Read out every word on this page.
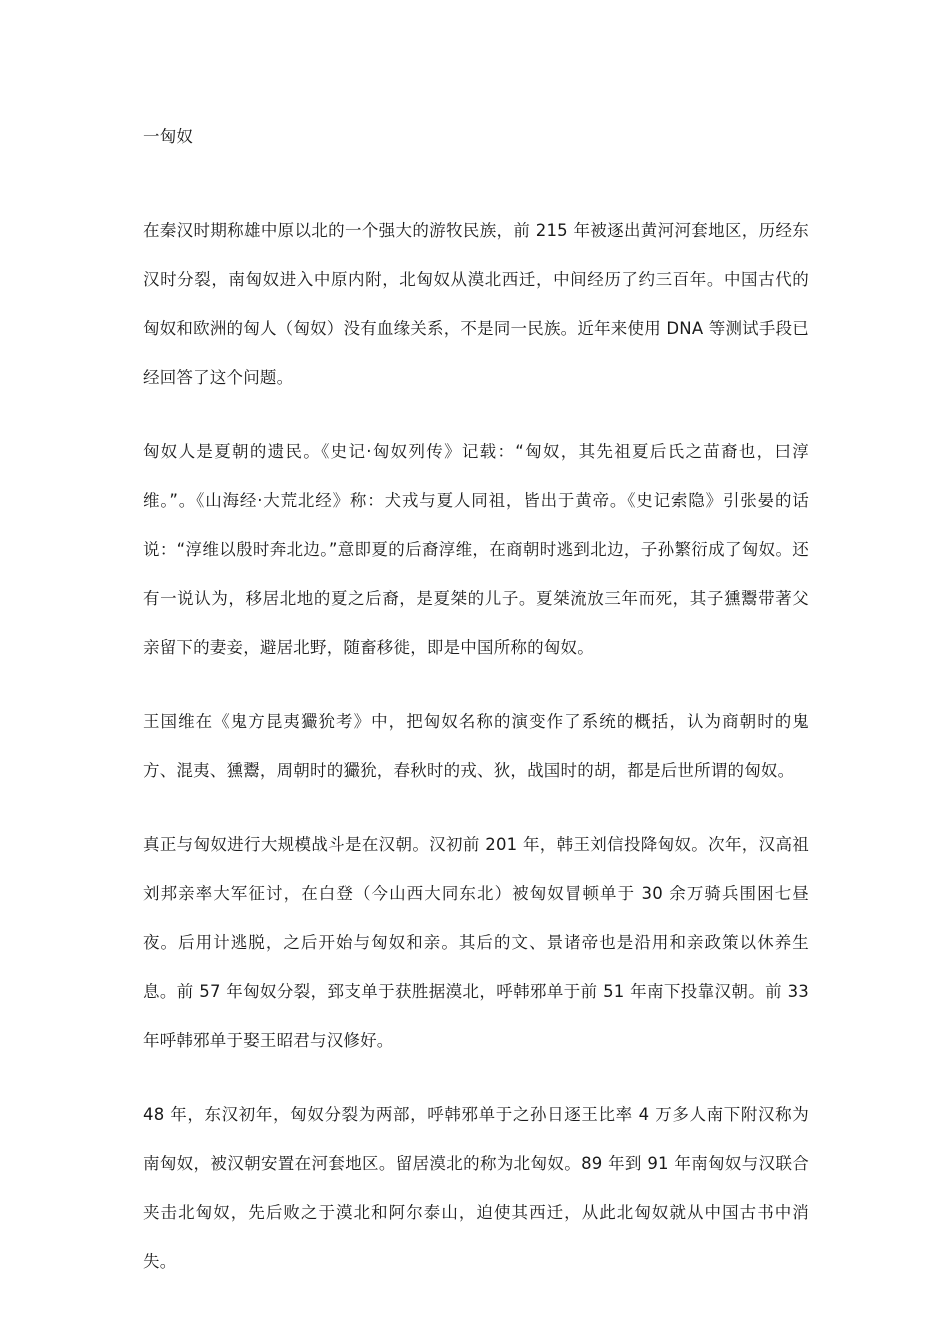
一匈奴

在秦汉时期称雄中原以北的一个强大的游牧民族，前 215 年被逐出黄河河套地区，历经东汉时分裂，南匈奴进入中原内附，北匈奴从漠北西迁，中间经历了约三百年。中国古代的匈奴和欧洲的匈人（匈奴）没有血缘关系，不是同一民族。近年来使用 DNA 等测试手段已经回答了这个问题。

匈奴人是夏朝的遗民。《史记·匈奴列传》记载：“匈奴，其先祖夏后氏之苗裔也，曰淳维。”。《山海经·大荒北经》称：犬戎与夏人同祖，皆出于黄帝。《史记索隐》引张晏的话说：“淳维以殷时奔北边。”意即夏的后裔淳维，在商朝时逃到北边，子孙繁衍成了匈奴。还有一说认为，移居北地的夏之后裔，是夏桀的儿子。夏桀流放三年而死，其子獯鬻带著父亲留下的妻妾，避居北野，随畜移徙，即是中国所称的匈奴。

王国维在《鬼方昆夷玁狁考》中，把匈奴名称的演变作了系统的概括，认为商朝时的鬼方、混夷、獯鬻，周朝时的玁狁，春秋时的戎、狄，战国时的胡，都是后世所谓的匈奴。

真正与匈奴进行大规模战斗是在汉朝。汉初前 201 年，韩王刘信投降匈奴。次年，汉高祖刘邦亲率大军征讨，在白登（今山西大同东北）被匈奴冒顿单于 30 余万骑兵围困七昼夜。后用计逃脱，之后开始与匈奴和亲。其后的文、景诸帝也是沿用和亲政策以休养生息。前 57 年匈奴分裂，郅支单于获胜据漠北，呼韩邪单于前 51 年南下投靠汉朝。前 33 年呼韩邪单于娶王昭君与汉修好。

48 年，东汉初年，匈奴分裂为两部，呼韩邪单于之孙日逐王比率 4 万多人南下附汉称为南匈奴，被汉朝安置在河套地区。留居漠北的称为北匈奴。89 年到 91 年南匈奴与汉联合夹击北匈奴，先后败之于漠北和阿尔泰山，迫使其西迁，从此北匈奴就从中国古书中消失。
